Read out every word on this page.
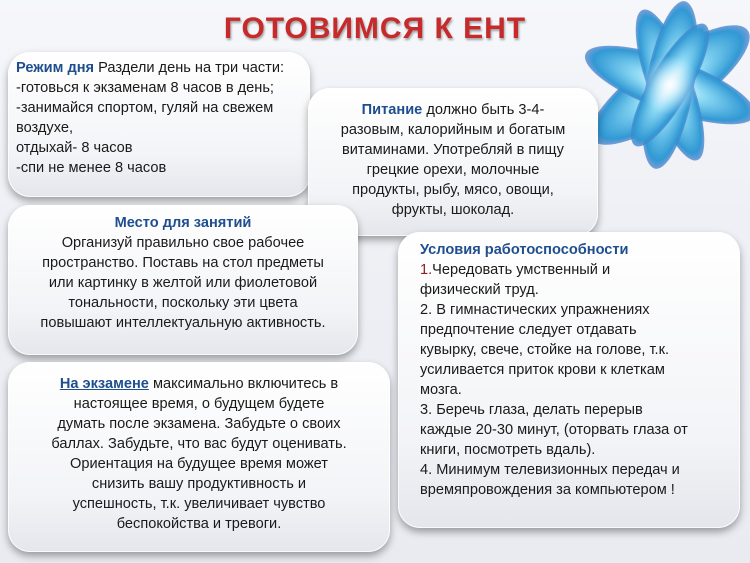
ГОТОВИМСЯ К ЕНТ
Режим дня Раздели день на три части:
-готовься к экзаменам 8 часов в день;
-занимайся спортом, гуляй на свежем
воздухе,
отдыхай- 8 часов
-спи не менее 8 часов
Питание должно быть 3-4-
разовым, калорийным и богатым
витаминами. Употребляй в пищу
грецкие орехи, молочные
продукты, рыбу, мясо, овощи,
фрукты, шоколад.
Место для занятий
Организуй правильно свое рабочее
пространство. Поставь на стол предметы
или картинку в желтой или фиолетовой
тональности, поскольку эти цвета
повышают интеллектуальную активность.
Условия работоспособности
1.Чередовать умственный и
физический труд.
2. В гимнастических упражнениях
предпочтение следует отдавать
кувырку, свече, стойке на голове, т.к.
усиливается приток крови к клеткам
мозга.
3. Беречь глаза, делать перерыв
каждые 20-30 минут, (оторвать глаза от
книги, посмотреть вдаль).
4. Минимум телевизионных передач и
времяпровождения за компьютером !
На экзамене максимально включитесь в
настоящее время, о будущем будете
думать после экзамена. Забудьте о своих
баллах. Забудьте, что вас будут оценивать.
Ориентация на будущее время может
снизить вашу продуктивность и
успешность, т.к. увеличивает чувство
беспокойства и тревоги.
